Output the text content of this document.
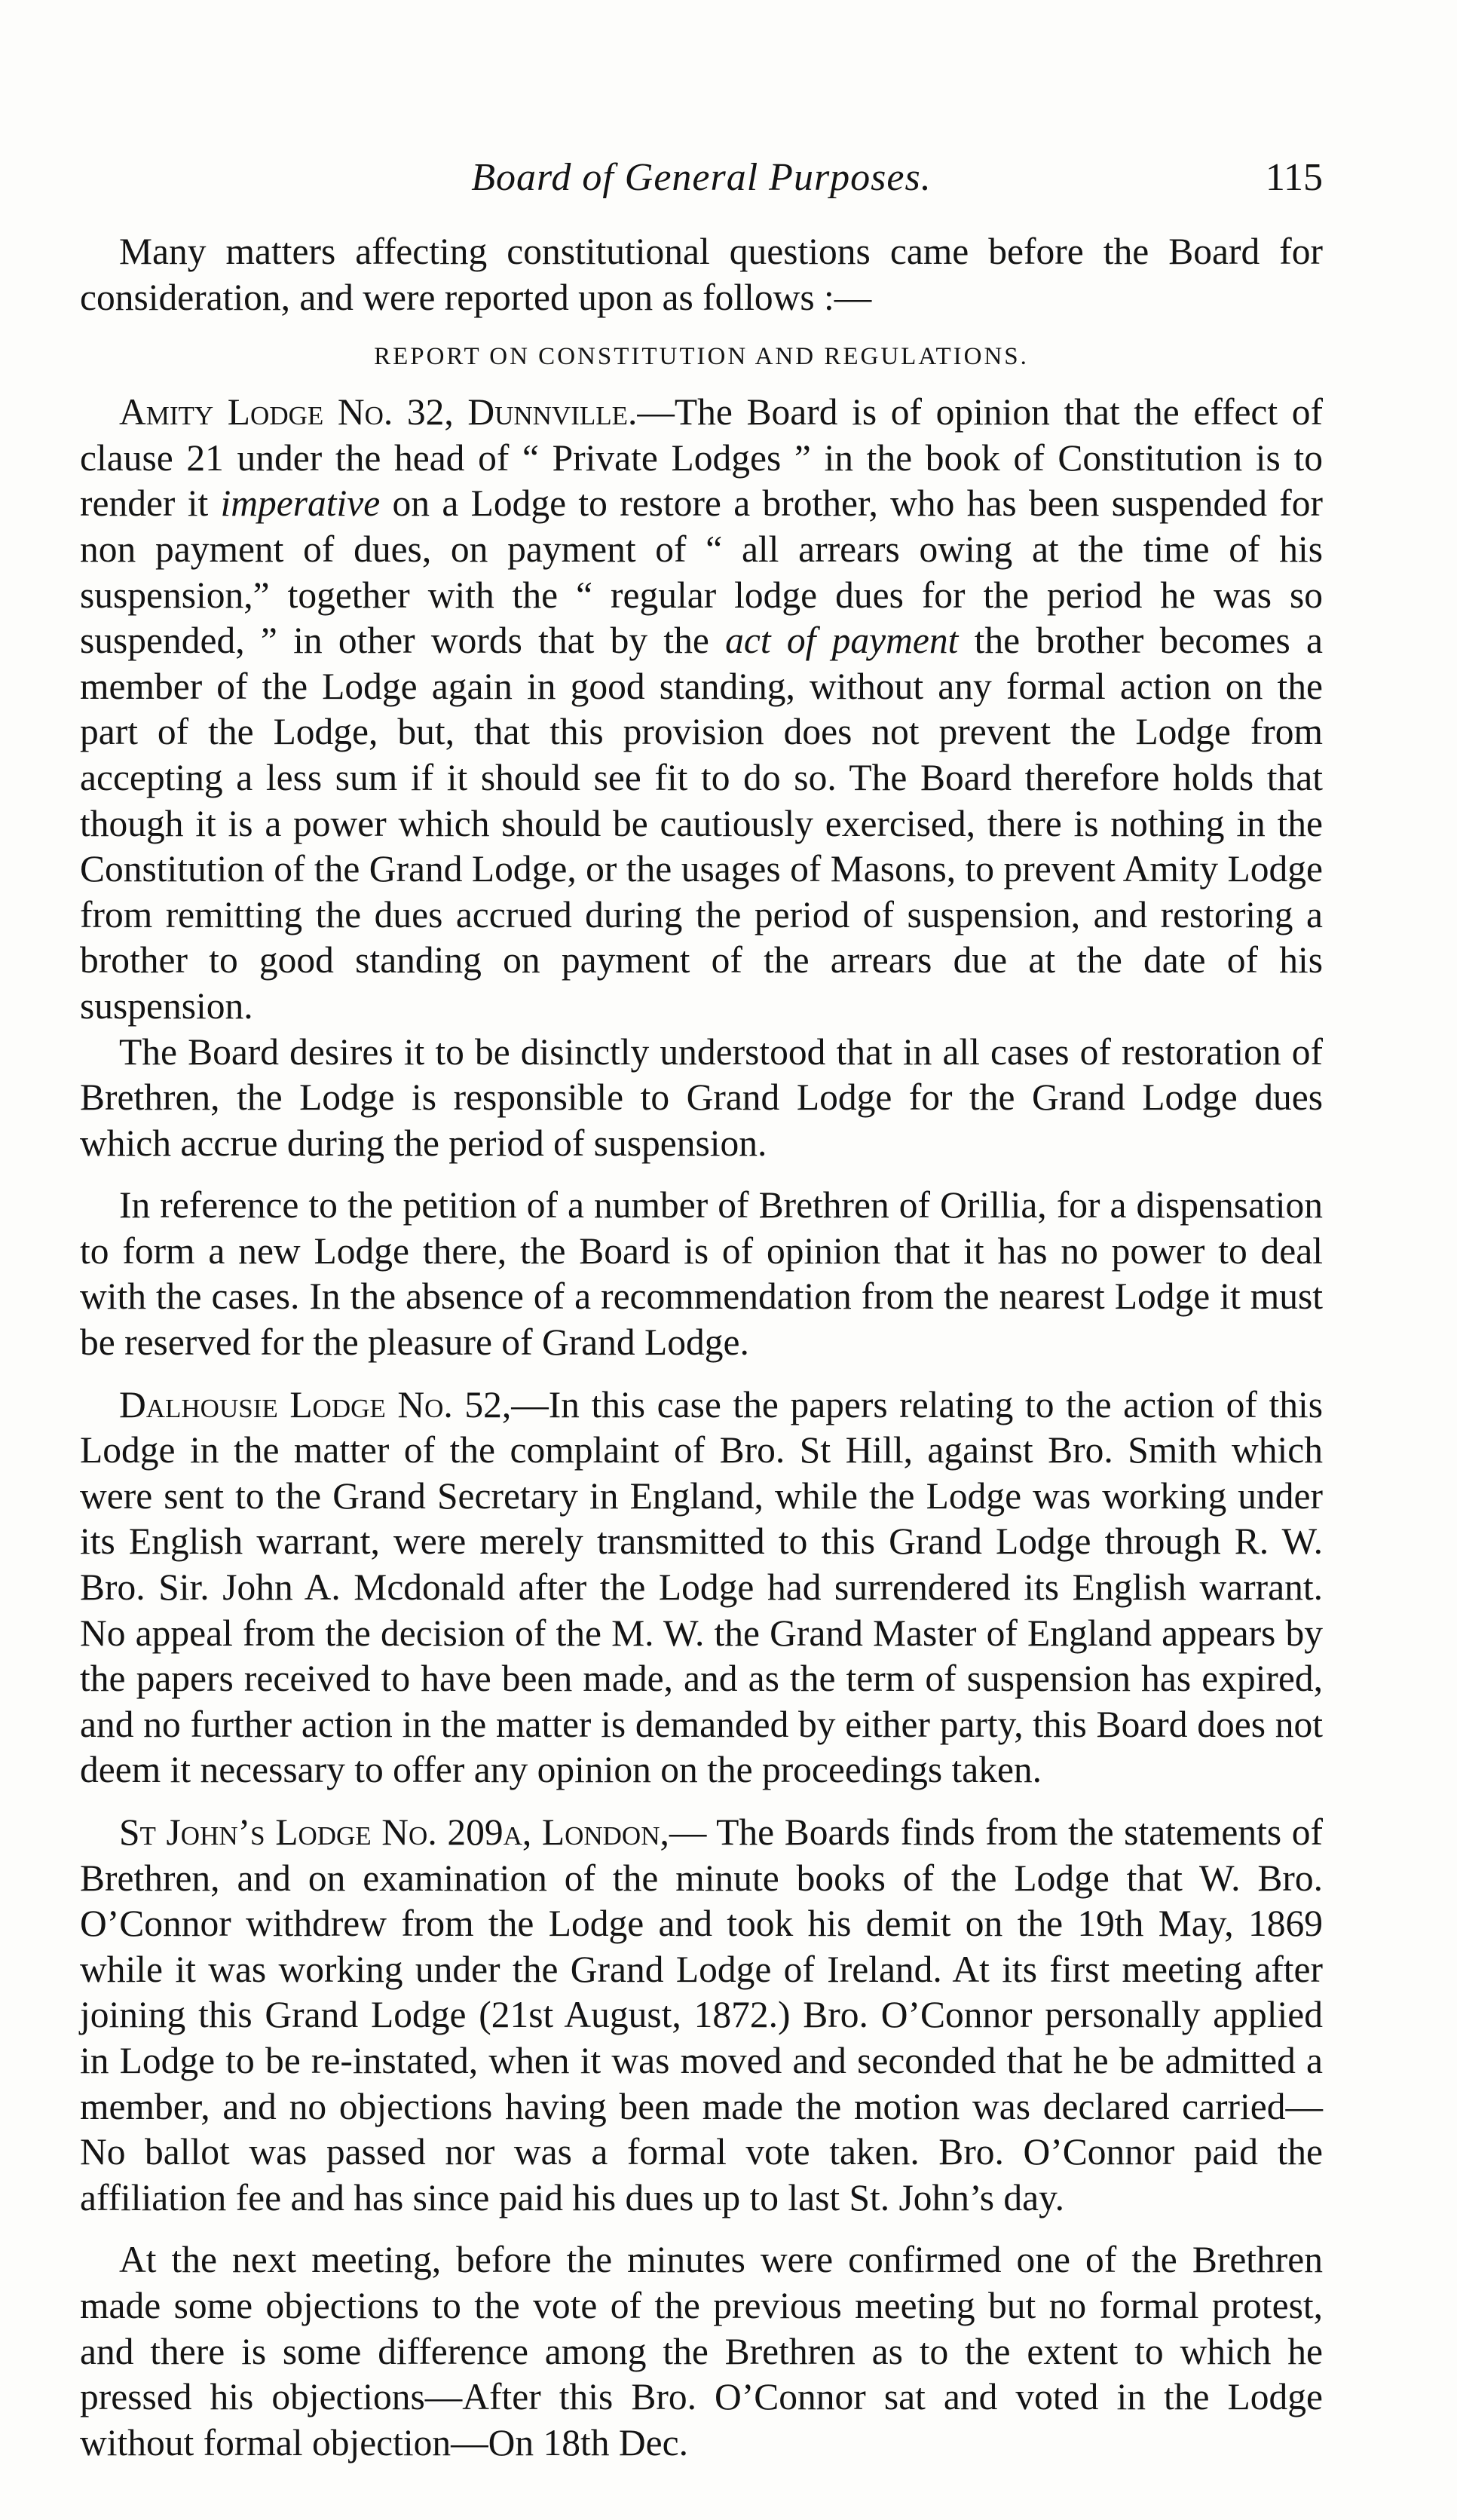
Board of General Purposes.	115

Many matters affecting constitutional questions came before the Board for consideration, and were reported upon as follows :—

REPORT ON CONSTITUTION AND REGULATIONS.

Amity Lodge No. 32, Dunnville.—The Board is of opinion that the effect of clause 21 under the head of “ Private Lodges ” in the book of Constitution is to render it imperative on a Lodge to restore a brother, who has been suspended for non payment of dues, on payment of “ all arrears owing at the time of his suspension,” together with the “ regular lodge dues for the period he was so suspended, ” in other words that by the act of payment the brother becomes a member of the Lodge again in good standing, without any formal action on the part of the Lodge, but, that this provision does not prevent the Lodge from accepting a less sum if it should see fit to do so. The Board therefore holds that though it is a power which should be cautiously exercised, there is nothing in the Constitution of the Grand Lodge, or the usages of Masons, to prevent Amity Lodge from remitting the dues accrued during the period of suspension, and restoring a brother to good standing on payment of the arrears due at the date of his suspension.

The Board desires it to be disinctly understood that in all cases of restoration of Brethren, the Lodge is responsible to Grand Lodge for the Grand Lodge dues which accrue during the period of suspension.

In reference to the petition of a number of Brethren of Orillia, for a dispensation to form a new Lodge there, the Board is of opinion that it has no power to deal with the cases. In the absence of a recommendation from the nearest Lodge it must be reserved for the pleasure of Grand Lodge.

Dalhousie Lodge No. 52,—In this case the papers relating to the action of this Lodge in the matter of the complaint of Bro. St Hill, against Bro. Smith which were sent to the Grand Secretary in England, while the Lodge was working under its English warrant, were merely transmitted to this Grand Lodge through R. W. Bro. Sir. John A. Mcdonald after the Lodge had surrendered its English warrant. No appeal from the decision of the M. W. the Grand Master of England appears by the papers received to have been made, and as the term of suspension has expired, and no further action in the matter is demanded by either party, this Board does not deem it necessary to offer any opinion on the proceedings taken.

St John’s Lodge No. 209a, London,— The Boards finds from the statements of Brethren, and on examination of the minute books of the Lodge that W. Bro. O’Connor withdrew from the Lodge and took his demit on the 19th May, 1869 while it was working under the Grand Lodge of Ireland. At its first meeting after joining this Grand Lodge (21st August, 1872.) Bro. O’Connor personally applied in Lodge to be re-instated, when it was moved and seconded that he be admitted a member, and no objections having been made the motion was declared carried—No ballot was passed nor was a formal vote taken. Bro. O’Connor paid the affiliation fee and has since paid his dues up to last St. John’s day.

At the next meeting, before the minutes were confirmed one of the Brethren made some objections to the vote of the previous meeting but no formal protest, and there is some difference among the Brethren as to the extent to which he pressed his objections—After this Bro. O’Connor sat and voted in the Lodge without formal objection—On 18th Dec.
